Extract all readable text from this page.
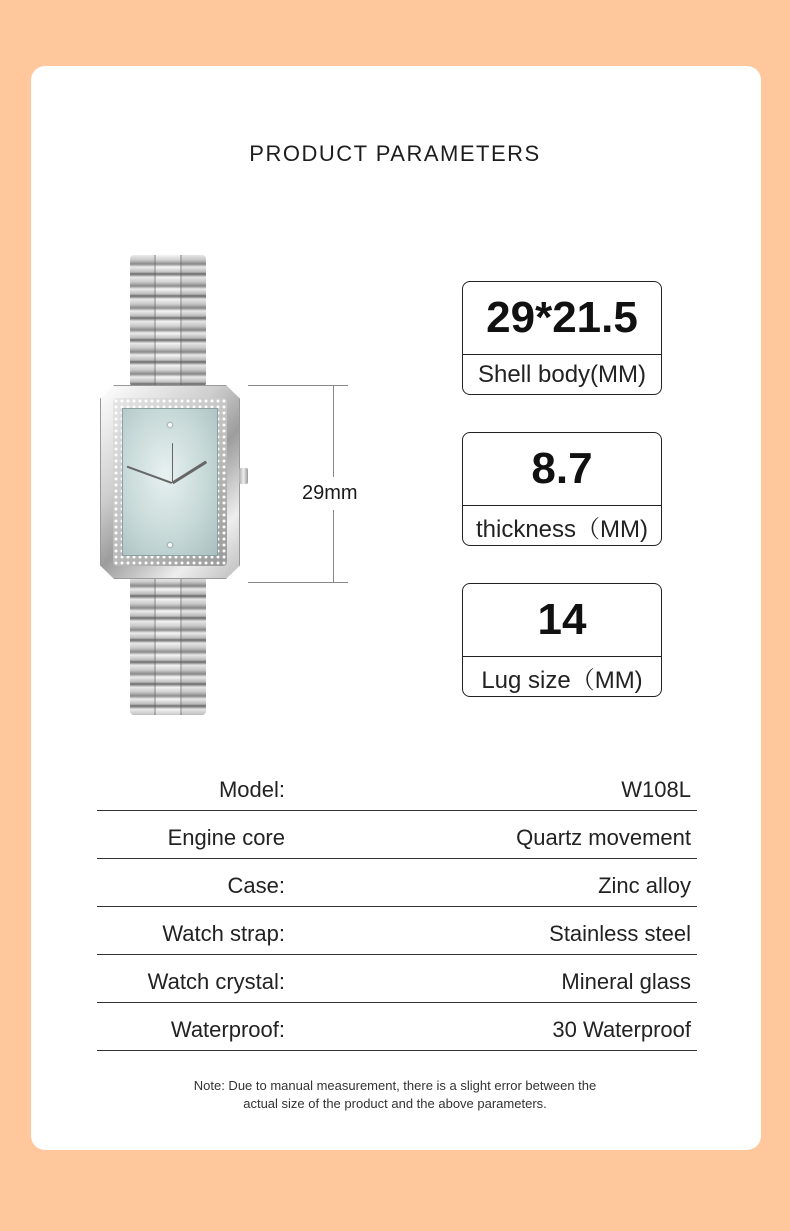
PRODUCT PARAMETERS
29mm
29*21.5
Shell body(MM)
8.7
thickness（MM)
14
Lug size（MM)
Model:	W108L
Engine core	Quartz movement
Case:	Zinc alloy
Watch strap:	Stainless steel
Watch crystal:	Mineral glass
Waterproof:	30 Waterproof
Note: Due to manual measurement, there is a slight error between the
actual size of the product and the above parameters.
